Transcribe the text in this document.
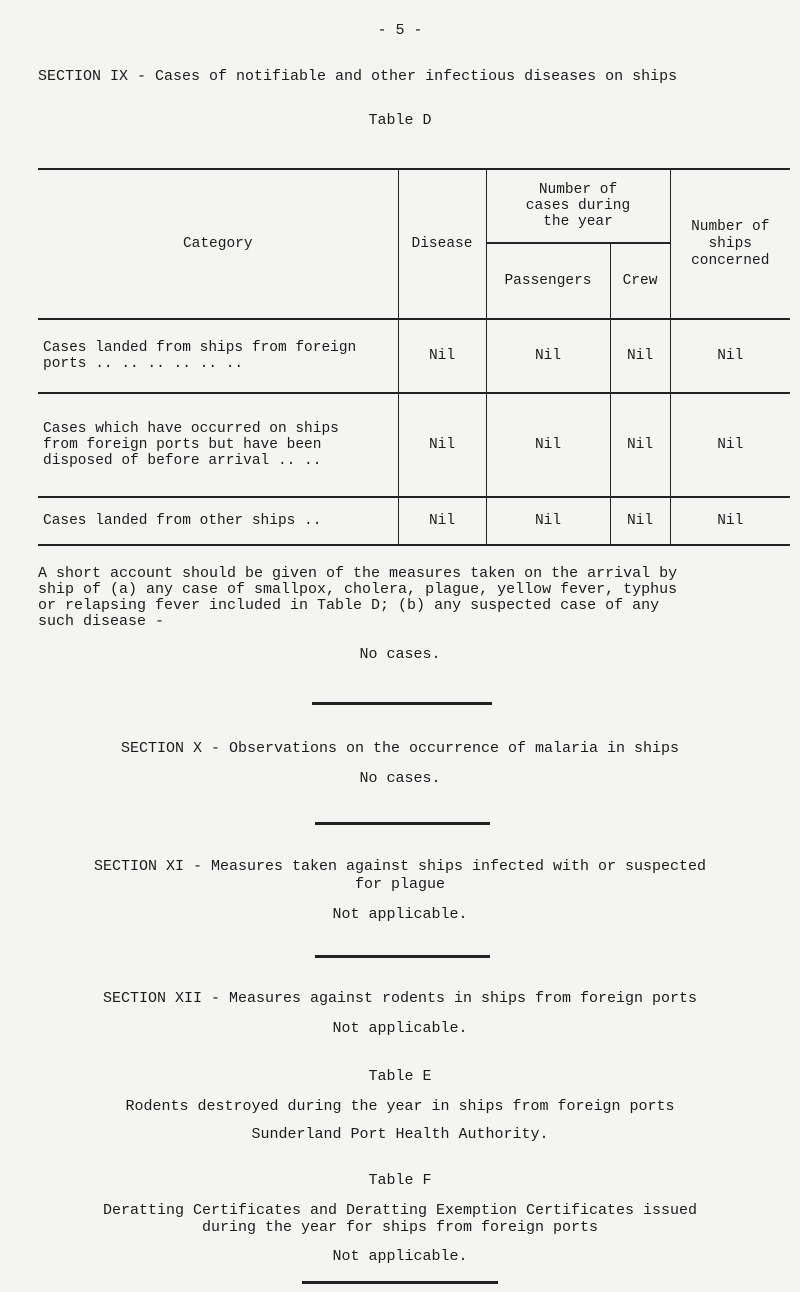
- 5 -
SECTION IX - Cases of notifiable and other infectious diseases on ships
Table D
Category	Disease	Number of cases during the year		Number of ships concerned
		Passengers	Crew	

Cases landed from ships from foreign
ports .. .. .. .. .. ..	Nil	Nil	Nil	Nil

Cases which have occurred on ships
from foreign ports but have been
disposed of before arrival .. ..	Nil	Nil	Nil	Nil

Cases landed from other ships ..	Nil	Nil	Nil	Nil
A short account should be given of the measures taken on the arrival by
ship of (a) any case of smallpox, cholera, plague, yellow fever, typhus
or relapsing fever included in Table D; (b) any suspected case of any
such disease -
No cases.
SECTION X - Observations on the occurrence of malaria in ships
No cases.
SECTION XI - Measures taken against ships infected with or suspected
for plague
Not applicable.
SECTION XII - Measures against rodents in ships from foreign ports
Not applicable.
Table E
Rodents destroyed during the year in ships from foreign ports
Sunderland Port Health Authority.
Table F
Deratting Certificates and Deratting Exemption Certificates issued
during the year for ships from foreign ports
Not applicable.
